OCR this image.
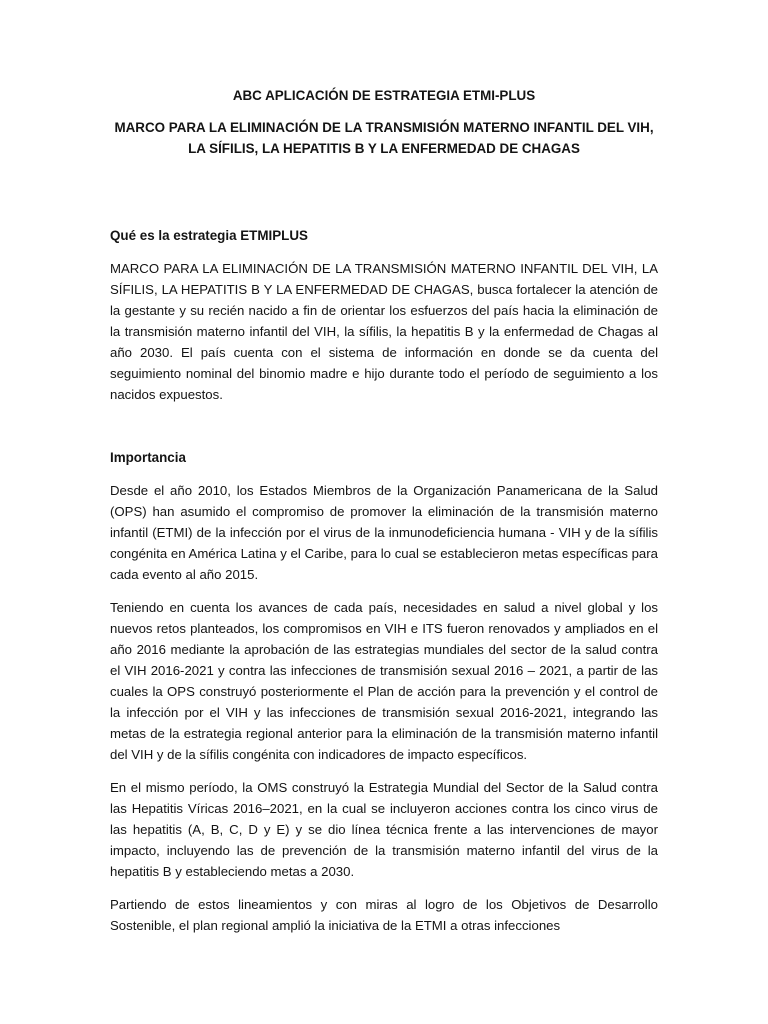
ABC APLICACIÓN DE ESTRATEGIA ETMI-PLUS
MARCO PARA LA ELIMINACIÓN DE LA TRANSMISIÓN MATERNO INFANTIL DEL VIH,
LA SÍFILIS, LA HEPATITIS B Y LA ENFERMEDAD DE CHAGAS
Qué es la estrategia ETMIPLUS

MARCO PARA LA ELIMINACIÓN DE LA TRANSMISIÓN MATERNO INFANTIL DEL VIH, LA SÍFILIS, LA HEPATITIS B Y LA ENFERMEDAD DE CHAGAS, busca fortalecer la atención de la gestante y su recién nacido a fin de orientar los esfuerzos del país hacia la eliminación de la transmisión materno infantil del VIH, la sífilis, la hepatitis B y la enfermedad de Chagas al año 2030. El país cuenta con el sistema de información en donde se da cuenta del seguimiento nominal del binomio madre e hijo durante todo el período de seguimiento a los nacidos expuestos.

Importancia

Desde el año 2010, los Estados Miembros de la Organización Panamericana de la Salud (OPS) han asumido el compromiso de promover la eliminación de la transmisión materno infantil (ETMI) de la infección por el virus de la inmunodeficiencia humana - VIH y de la sífilis congénita en América Latina y el Caribe, para lo cual se establecieron metas específicas para cada evento al año 2015.

Teniendo en cuenta los avances de cada país, necesidades en salud a nivel global y los nuevos retos planteados, los compromisos en VIH e ITS fueron renovados y ampliados en el año 2016 mediante la aprobación de las estrategias mundiales del sector de la salud contra el VIH 2016-2021 y contra las infecciones de transmisión sexual 2016 – 2021, a partir de las cuales la OPS construyó posteriormente el Plan de acción para la prevención y el control de la infección por el VIH y las infecciones de transmisión sexual 2016-2021, integrando las metas de la estrategia regional anterior para la eliminación de la transmisión materno infantil del VIH y de la sífilis congénita con indicadores de impacto específicos.

En el mismo período, la OMS construyó la Estrategia Mundial del Sector de la Salud contra las Hepatitis Víricas 2016–2021, en la cual se incluyeron acciones contra los cinco virus de las hepatitis (A, B, C, D y E) y se dio línea técnica frente a las intervenciones de mayor impacto, incluyendo las de prevención de la transmisión materno infantil del virus de la hepatitis B y estableciendo metas a 2030.

Partiendo de estos lineamientos y con miras al logro de los Objetivos de Desarrollo Sostenible, el plan regional amplió la iniciativa de la ETMI a otras infecciones
